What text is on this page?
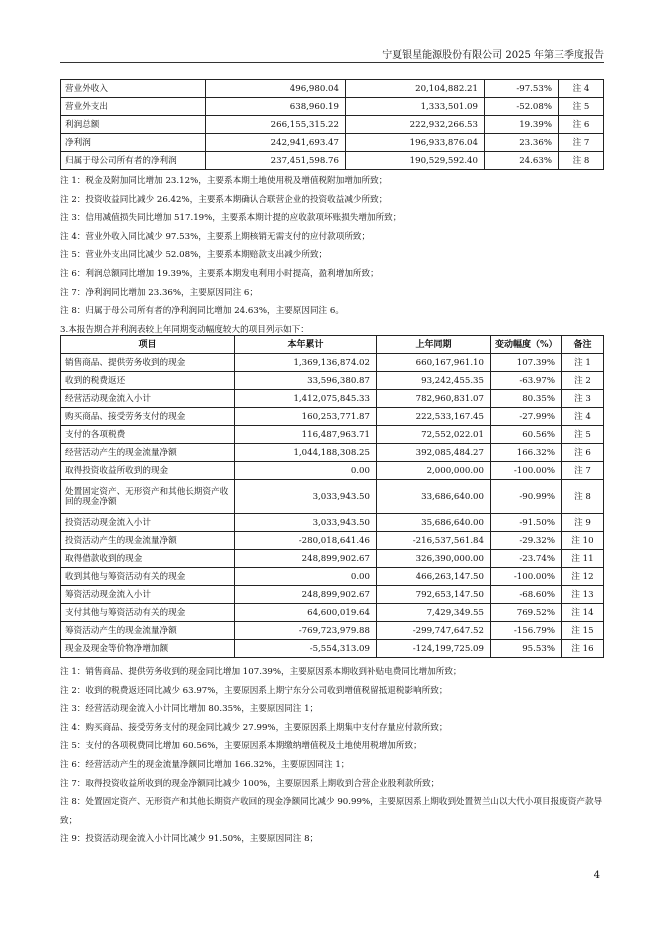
宁夏银星能源股份有限公司 2025 年第三季度报告
营业外收入	496,980.04	20,104,882.21	-97.53%	注 4
营业外支出	638,960.19	1,333,501.09	-52.08%	注 5
利润总额	266,155,315.22	222,932,266.53	19.39%	注 6
净利润	242,941,693.47	196,933,876.04	23.36%	注 7
归属于母公司所有者的净利润	237,451,598.76	190,529,592.40	24.63%	注 8

注 1：税金及附加同比增加 23.12%，主要系本期土地使用税及增值税附加增加所致；

注 2：投资收益同比减少 26.42%，主要系本期确认合联营企业的投资收益减少所致；

注 3：信用减值损失同比增加 517.19%，主要系本期计提的应收款项坏账损失增加所致；

注 4：营业外收入同比减少 97.53%，主要系上期核销无需支付的应付款项所致；

注 5：营业外支出同比减少 52.08%，主要系本期赔款支出减少所致；

注 6：利润总额同比增加 19.39%，主要系本期发电利用小时提高，盈利增加所致；

注 7：净利润同比增加 23.36%，主要原因同注 6；

注 8：归属于母公司所有者的净利润同比增加 24.63%，主要原因同注 6。

3.本报告期合并利润表较上年同期变动幅度较大的项目列示如下：

项目	本年累计	上年同期	变动幅度（%）	备注
销售商品、提供劳务收到的现金	1,369,136,874.02	660,167,961.10	107.39%	注 1
收到的税费返还	33,596,380.87	93,242,455.35	-63.97%	注 2
经营活动现金流入小计	1,412,075,845.33	782,960,831.07	80.35%	注 3
购买商品、接受劳务支付的现金	160,253,771.87	222,533,167.45	-27.99%	注 4
支付的各项税费	116,487,963.71	72,552,022.01	60.56%	注 5
经营活动产生的现金流量净额	1,044,188,308.25	392,085,484.27	166.32%	注 6
取得投资收益所收到的现金	0.00	2,000,000.00	-100.00%	注 7
处置固定资产、无形资产和其他长期资产收回的现金净额	3,033,943.50	33,686,640.00	-90.99%	注 8
投资活动现金流入小计	3,033,943.50	35,686,640.00	-91.50%	注 9
投资活动产生的现金流量净额	-280,018,641.46	-216,537,561.84	-29.32%	注 10
取得借款收到的现金	248,899,902.67	326,390,000.00	-23.74%	注 11
收到其他与筹资活动有关的现金	0.00	466,263,147.50	-100.00%	注 12
筹资活动现金流入小计	248,899,902.67	792,653,147.50	-68.60%	注 13
支付其他与筹资活动有关的现金	64,600,019.64	7,429,349.55	769.52%	注 14
筹资活动产生的现金流量净额	-769,723,979.88	-299,747,647.52	-156.79%	注 15
现金及现金等价物净增加额	-5,554,313.09	-124,199,725.09	95.53%	注 16

注 1：销售商品、提供劳务收到的现金同比增加 107.39%，主要原因系本期收到补贴电费同比增加所致；

注 2：收到的税费返还同比减少 63.97%，主要原因系上期宁东分公司收到增值税留抵退税影响所致；

注 3：经营活动现金流入小计同比增加 80.35%，主要原因同注 1；

注 4：购买商品、接受劳务支付的现金同比减少 27.99%，主要原因系上期集中支付存量应付款所致；

注 5：支付的各项税费同比增加 60.56%，主要原因系本期缴纳增值税及土地使用税增加所致；

注 6：经营活动产生的现金流量净额同比增加 166.32%，主要原因同注 1；

注 7：取得投资收益所收到的现金净额同比减少 100%，主要原因系上期收到合营企业股利款所致；

注 8：处置固定资产、无形资产和其他长期资产收回的现金净额同比减少 90.99%，主要原因系上期收到处置贺兰山以大代小项目报废资产款导致；

注 9：投资活动现金流入小计同比减少 91.50%，主要原因同注 8；

4
